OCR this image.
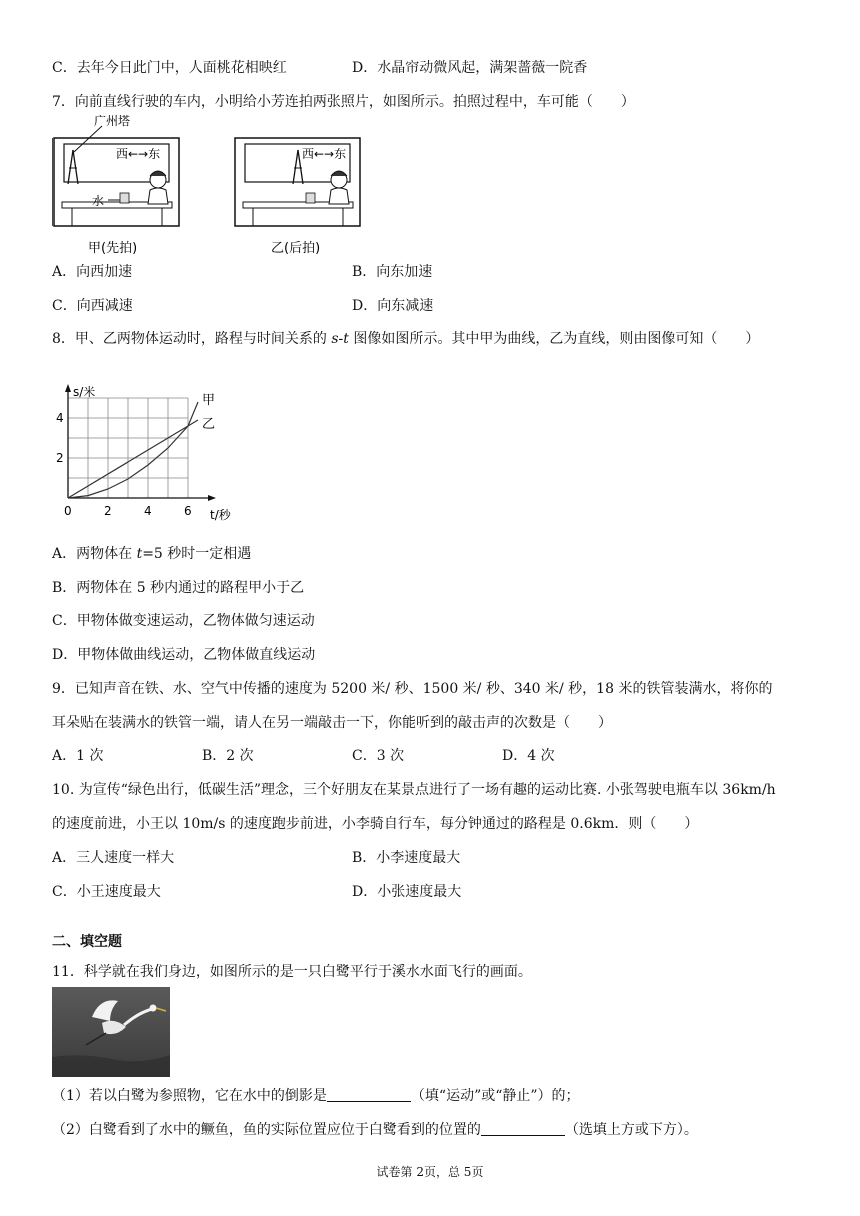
C．去年今日此门中，人面桃花相映红	D．水晶帘动微风起，满架蔷薇一院香
7．向前直线行驶的车内，小明给小芳连拍两张照片，如图所示。拍照过程中，车可能（　　）
广州塔
西←→东
水
甲(先拍)
西←→东
乙(后拍)
A．向西加速	B．向东加速
C．向西减速	D．向东减速
8．甲、乙两物体运动时，路程与时间关系的 s-t 图像如图所示。其中甲为曲线，乙为直线，则由图像可知（　　）
s/米
t/秒
0	2	4	6
2
4
甲
乙
A．两物体在 t=5 秒时一定相遇
B．两物体在 5 秒内通过的路程甲小于乙
C．甲物体做变速运动，乙物体做匀速运动
D．甲物体做曲线运动，乙物体做直线运动
9．已知声音在铁、水、空气中传播的速度为 5200 米/ 秒、1500 米/ 秒、340 米/ 秒，18 米的铁管装满水，将你的
耳朵贴在装满水的铁管一端，请人在另一端敲击一下，你能听到的敲击声的次数是（　　）
A．1 次	B．2 次	C．3 次	D．4 次
10. 为宣传“绿色出行，低碳生活”理念，三个好朋友在某景点进行了一场有趣的运动比赛. 小张驾驶电瓶车以 36km/h
的速度前进，小王以 10m/s 的速度跑步前进，小李骑自行车，每分钟通过的路程是 0.6km．则（　　）
A．三人速度一样大	B．小李速度最大
C．小王速度最大	D．小张速度最大
二、填空题
11．科学就在我们身边，如图所示的是一只白鹭平行于溪水水面飞行的画面。
（1）若以白鹭为参照物，它在水中的倒影是	（填“运动”或“静止”）的；
（2）白鹭看到了水中的鳜鱼，鱼的实际位置应位于白鹭看到的位置的	（选填上方或下方）。
试卷第 2页，总 5页
